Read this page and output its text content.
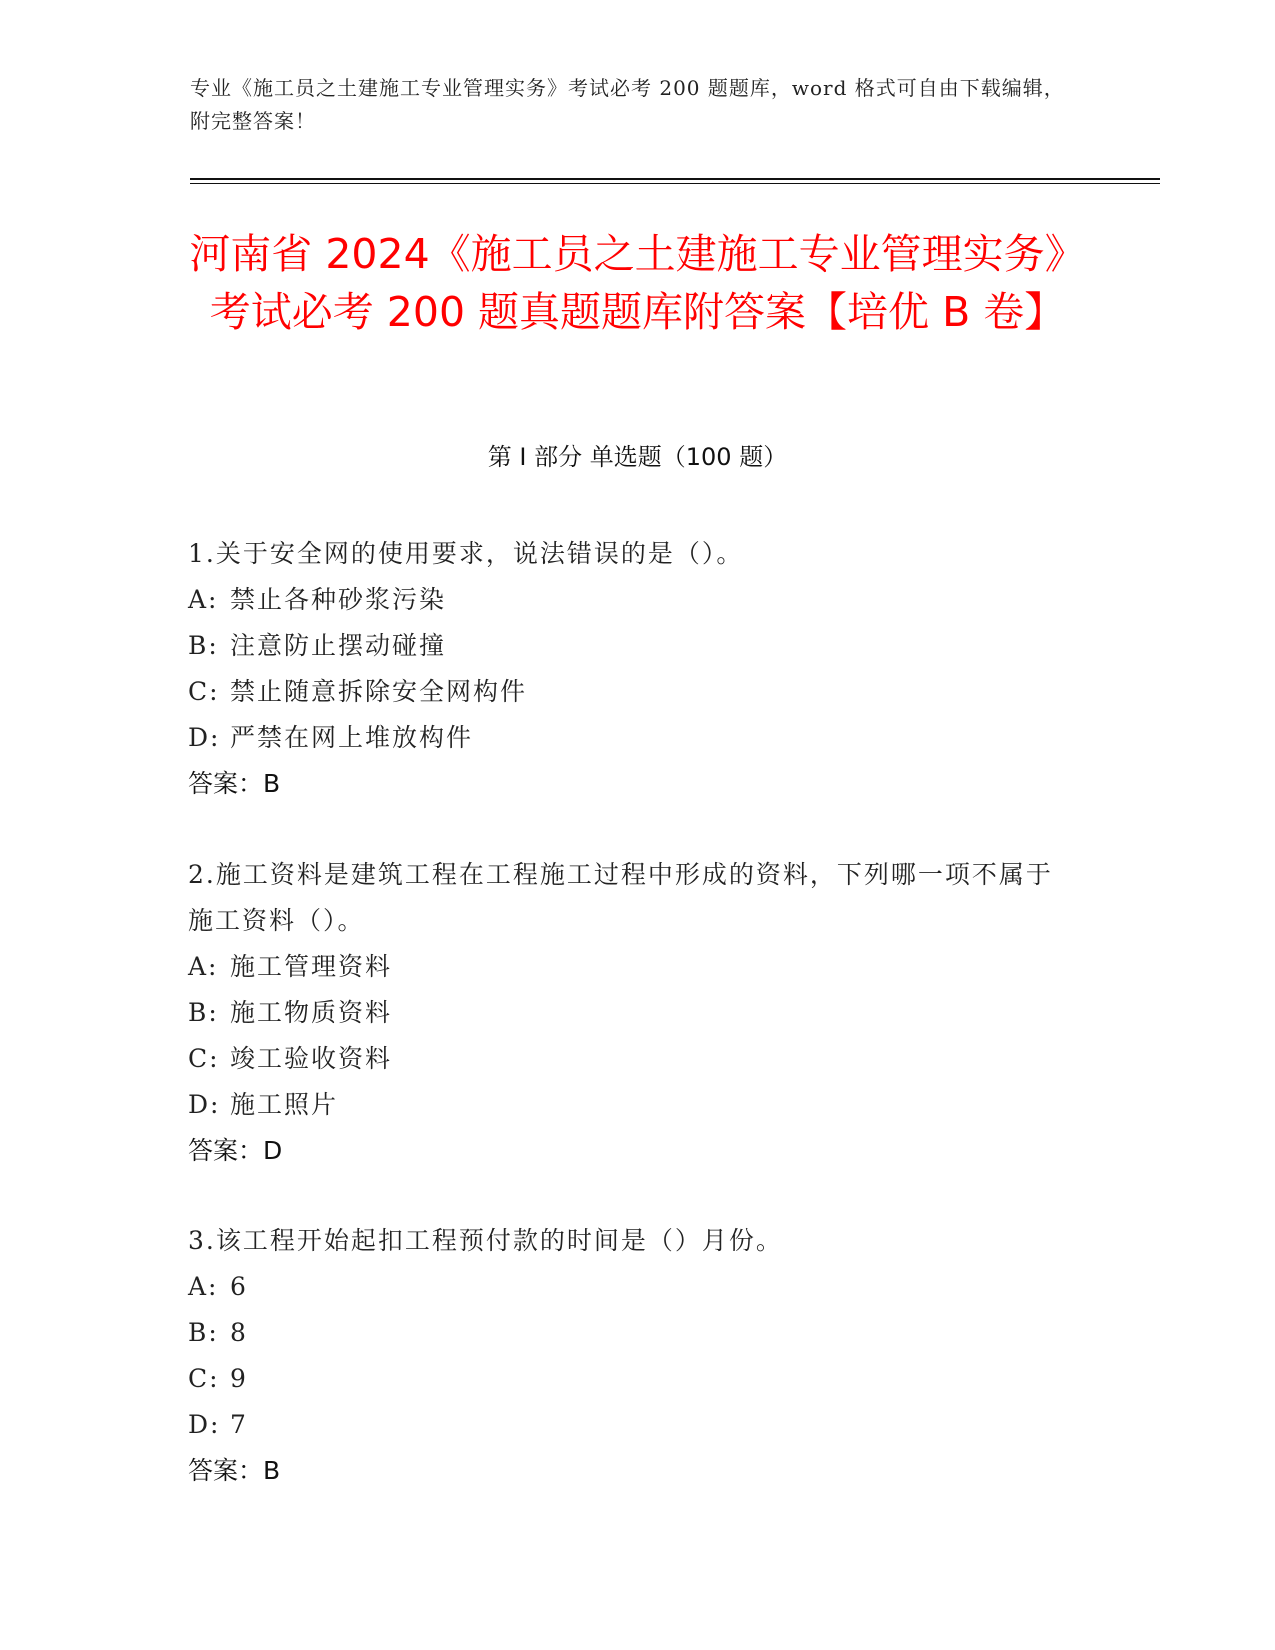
专业《施工员之土建施工专业管理实务》考试必考 200 题题库，word 格式可自由下载编辑，附完整答案！
河南省 2024《施工员之土建施工专业管理实务》考试必考 200 题真题题库附答案【培优 B 卷】
第 I 部分 单选题（100 题）
1.关于安全网的使用要求，说法错误的是（）。
A: 禁止各种砂浆污染
B: 注意防止摆动碰撞
C: 禁止随意拆除安全网构件
D: 严禁在网上堆放构件
答案：B
2.施工资料是建筑工程在工程施工过程中形成的资料，下列哪一项不属于施工资料（）。
A: 施工管理资料
B: 施工物质资料
C: 竣工验收资料
D: 施工照片
答案：D
3.该工程开始起扣工程预付款的时间是（）月份。
A: 6
B: 8
C: 9
D: 7
答案：B
